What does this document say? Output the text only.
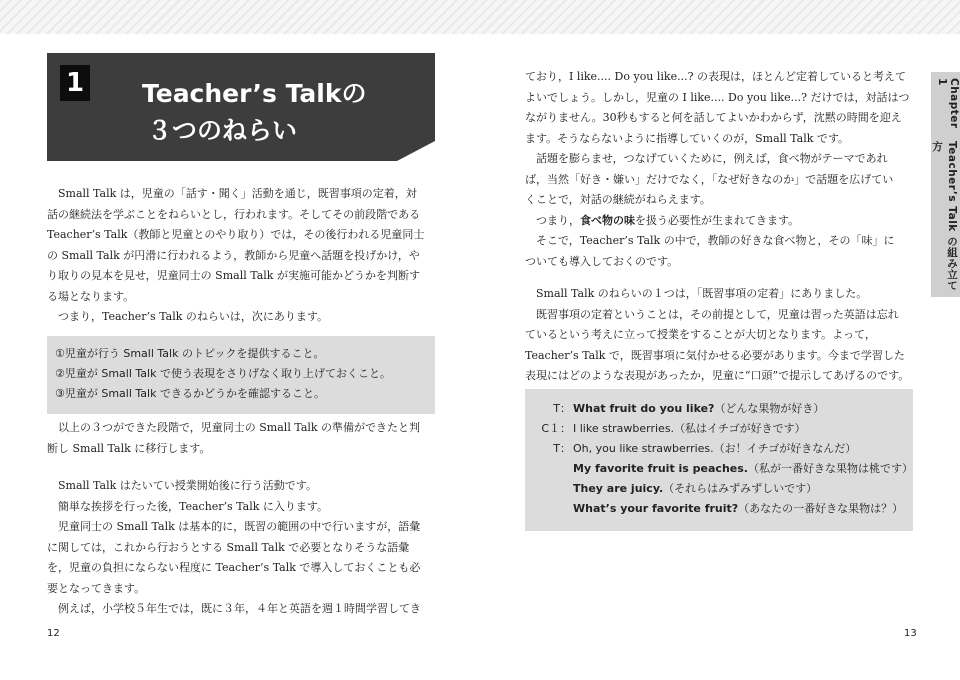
1 Teacher’s Talkの
３つのねらい

Small Talk は，児童の「話す・聞く」活動を通じ，既習事項の定着，対

話の継続法を学ぶことをねらいとし，行われます。そしてその前段階である

Teacher’s Talk（教師と児童とのやり取り）では，その後行われる児童同士

の Small Talk が円滑に行われるよう，教師から児童へ話題を投げかけ，や

り取りの見本を見せ，児童同士の Small Talk が実施可能かどうかを判断す

る場となります。

つまり，Teacher’s Talk のねらいは，次にあります。

①児童が行う Small Talk のトピックを提供すること。

②児童が Small Talk で使う表現をさりげなく取り上げておくこと。

③児童が Small Talk できるかどうかを確認すること。

以上の３つができた段階で，児童同士の Small Talk の準備ができたと判

断し Small Talk に移行します。

Small Talk はたいてい授業開始後に行う活動です。

簡単な挨拶を行った後，Teacher’s Talk に入ります。

児童同士の Small Talk は基本的に，既習の範囲の中で行いますが，語彙

に関しては，これから行おうとする Small Talk で必要となりそうな語彙

を，児童の負担にならない程度に Teacher’s Talk で導入しておくことも必

要となってきます。

例えば，小学校５年生では，既に３年，４年と英語を週１時間学習してき

12

ており，I like.... Do you like...? の表現は，ほとんど定着していると考えて

よいでしょう。しかし，児童の I like.... Do you like...? だけでは，対話はつ

ながりません。30秒もすると何を話してよいかわからず，沈黙の時間を迎え

ます。そうならないように指導していくのが，Small Talk です。

話題を膨らませ，つなげていくために，例えば，食べ物がテーマであれ

ば，当然「好き・嫌い」だけでなく，「なぜ好きなのか」で話題を広げてい

くことで，対話の継続がねらえます。

つまり，食べ物の味を扱う必要性が生まれてきます。

そこで，Teacher’s Talk の中で，教師の好きな食べ物と，その「味」に

ついても導入しておくのです。

Small Talk のねらいの１つは，「既習事項の定着」にありました。

既習事項の定着ということは，その前提として，児童は習った英語は忘れ

ているという考えに立って授業をすることが大切となります。よって，

Teacher’s Talk で，既習事項に気付かせる必要があります。今まで学習した

表現にはどのような表現があったか，児童に“口頭”で提示してあげるのです。

T： What fruit do you like? （どんな果物が好き）
C１： I like strawberries. （私はイチゴが好きです）
T： Oh, you like strawberries. （お！イチゴが好きなんだ）
My favorite fruit is peaches. （私が一番好きな果物は桃です）
They are juicy. （それらはみずみずしいです）
What’s your favorite fruit? （あなたの一番好きな果物は？）
Chapter 1
Teacher’s Talk の組み立て方
13
